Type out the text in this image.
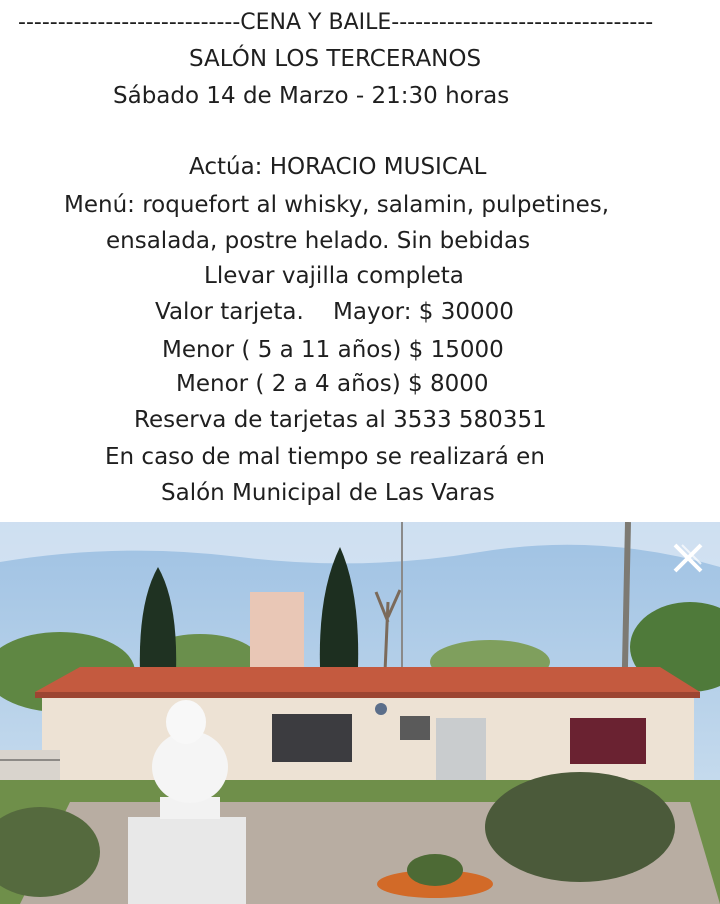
----------------------------CENA Y BAILE---------------------------------
SALÓN LOS TERCERANOS
Sábado 14 de Marzo - 21:30 horas
Actúa: HORACIO MUSICAL
Menú: roquefort al whisky, salamin, pulpetines,
ensalada, postre helado. Sin bebidas
Llevar vajilla completa
Valor tarjeta.    Mayor: $ 30000
Menor ( 5 a 11 años) $ 15000
Menor ( 2 a 4 años) $ 8000
Reserva de tarjetas al 3533 580351
En caso de mal tiempo se realizará en
Salón Municipal de Las Varas
